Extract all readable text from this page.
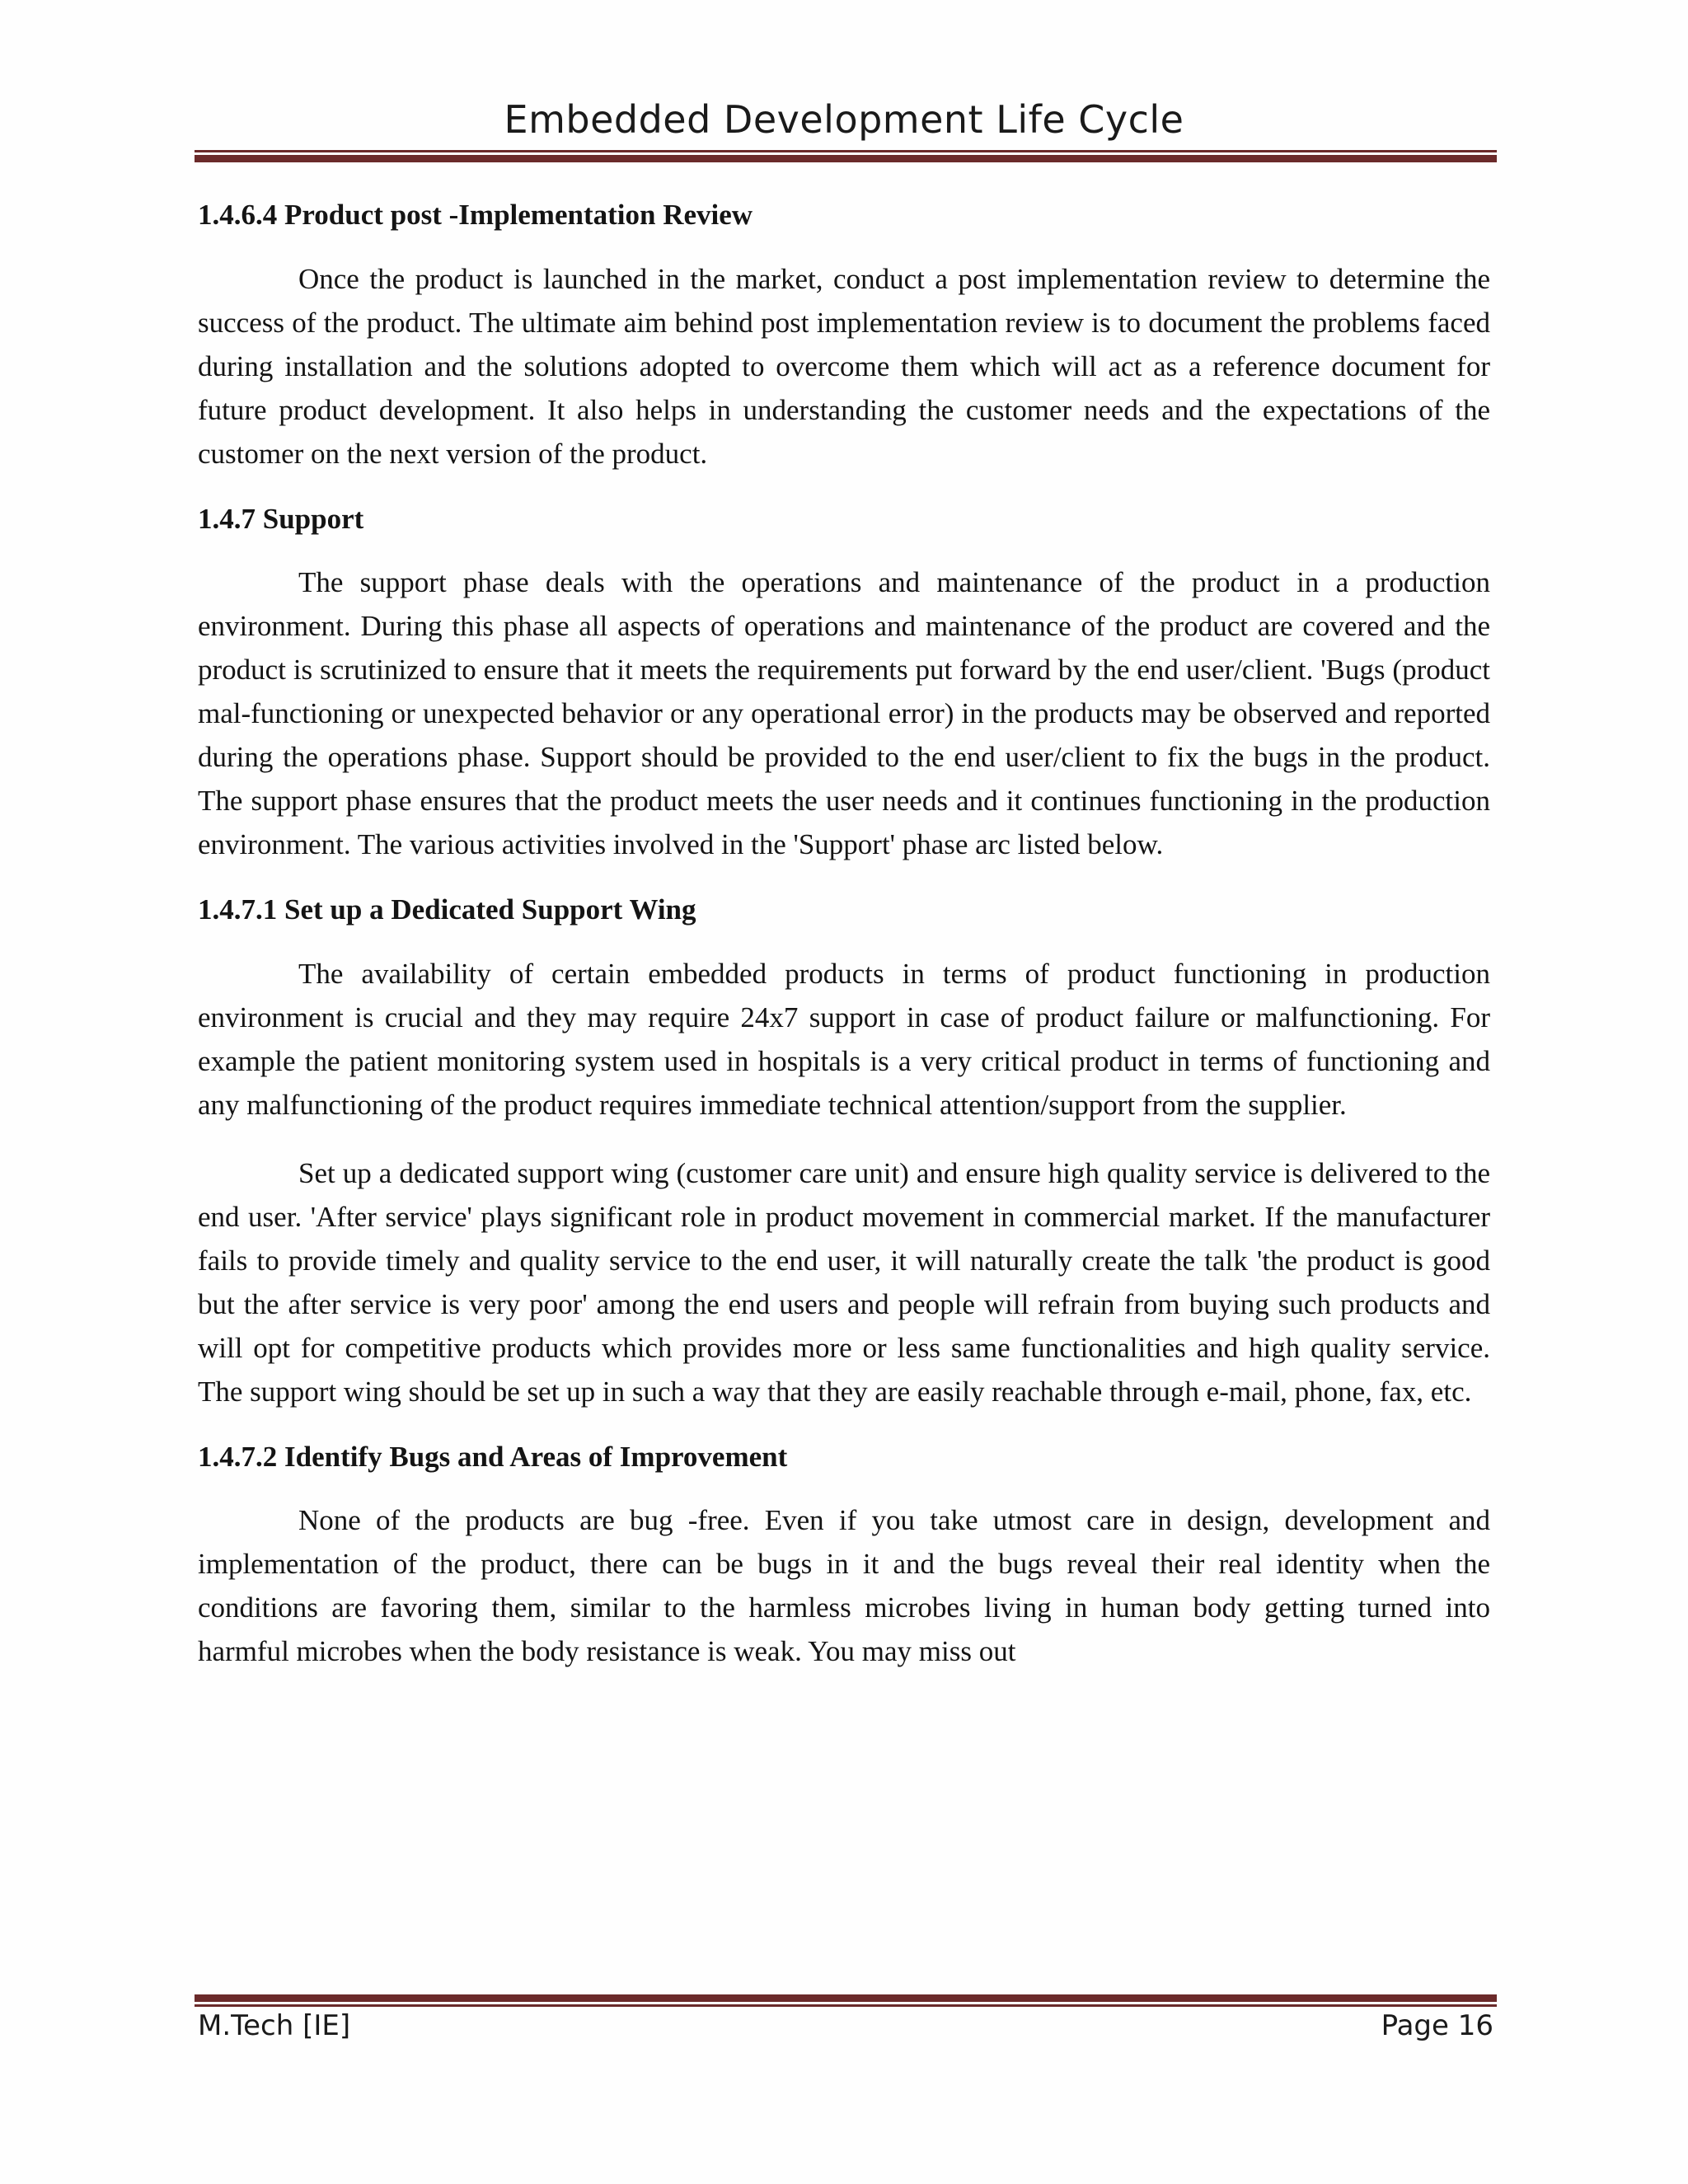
Embedded Development Life Cycle
1.4.6.4 Product post -Implementation Review

Once the product is launched in the market, conduct a post implementation review to determine the success of the product. The ultimate aim behind post implementation review is to document the problems faced during installation and the solutions adopted to overcome them which will act as a reference document for future product development. It also helps in understanding the customer needs and the expectations of the customer on the next version of the product.

1.4.7 Support

The support phase deals with the operations and maintenance of the product in a production environment. During this phase all aspects of operations and maintenance of the product are covered and the product is scrutinized to ensure that it meets the requirements put forward by the end user/client. 'Bugs (product mal-functioning or unexpected behavior or any operational error) in the products may be observed and reported during the operations phase. Support should be provided to the end user/client to fix the bugs in the product. The support phase ensures that the product meets the user needs and it continues functioning in the production environment. The various activities involved in the 'Support' phase arc listed below.

1.4.7.1 Set up a Dedicated Support Wing

The availability of certain embedded products in terms of product functioning in production environment is crucial and they may require 24x7 support in case of product failure or malfunctioning. For example the patient monitoring system used in hospitals is a very critical product in terms of functioning and any malfunctioning of the product requires immediate technical attention/support from the supplier.

Set up a dedicated support wing (customer care unit) and ensure high quality service is delivered to the end user. 'After service' plays significant role in product movement in commercial market. If the manufacturer fails to provide timely and quality service to the end user, it will naturally create the talk 'the product is good but the after service is very poor' among the end users and people will refrain from buying such products and will opt for competitive products which provides more or less same functionalities and high quality service. The support wing should be set up in such a way that they are easily reachable through e-mail, phone, fax, etc.

1.4.7.2 Identify Bugs and Areas of Improvement

None of the products are bug -free. Even if you take utmost care in design, development and implementation of the product, there can be bugs in it and the bugs reveal their real identity when the conditions are favoring them, similar to the harmless microbes living in human body getting turned into harmful microbes when the body resistance is weak. You may miss out

M.Tech [IE]	Page 16
